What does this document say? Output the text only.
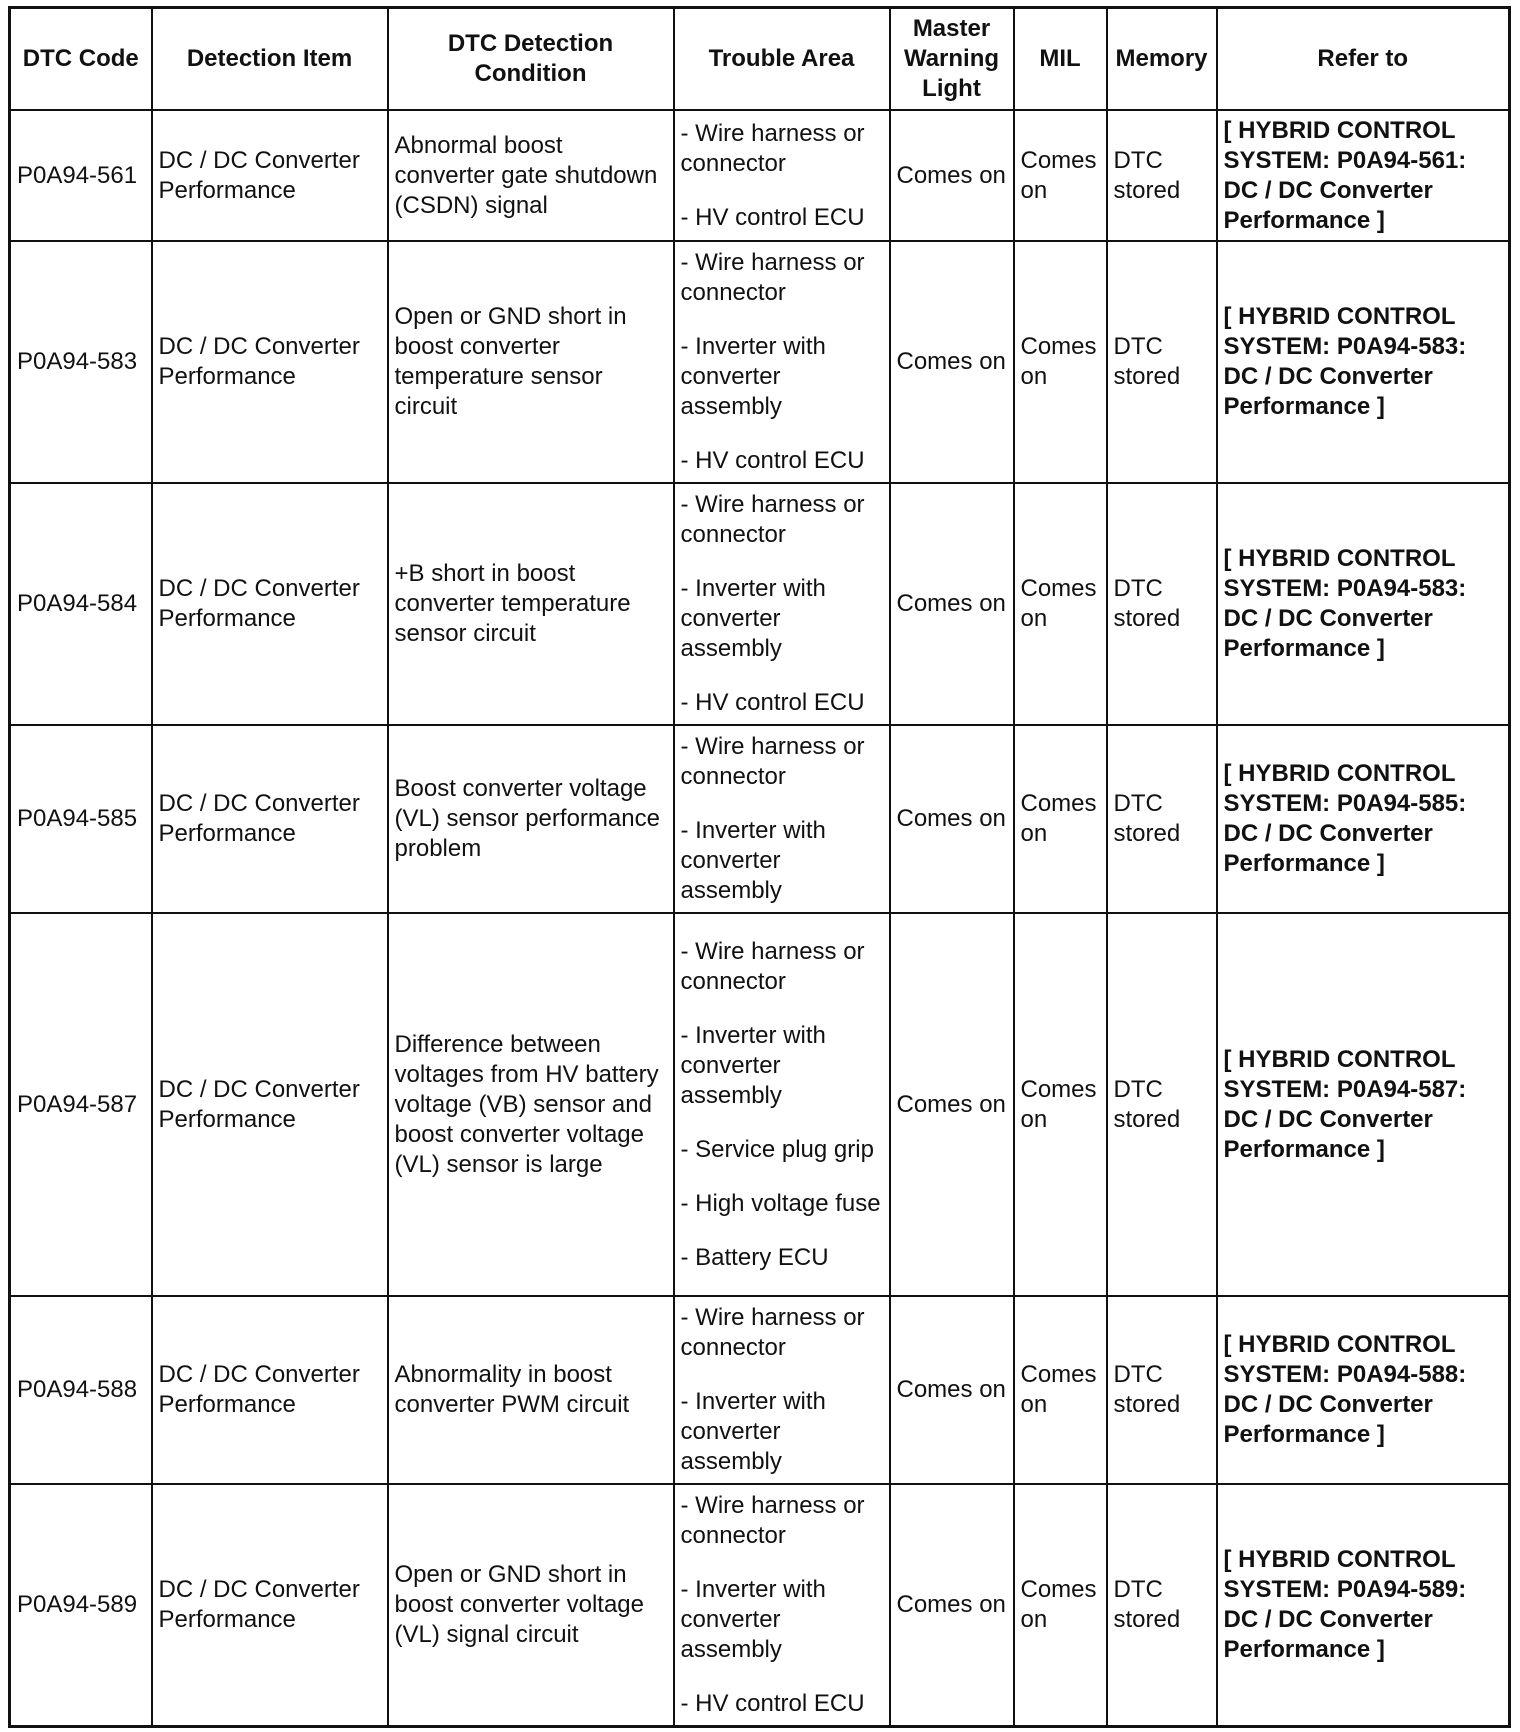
DTC Code	Detection Item	DTC Detection Condition	Trouble Area	Master Warning Light	MIL	Memory	Refer to
P0A94-561	DC / DC Converter Performance	Abnormal boost converter gate shutdown (CSDN) signal	- Wire harness or connector
- HV control ECU	Comes on	Comes on	DTC stored	[ HYBRID CONTROL SYSTEM: P0A94-561: DC / DC Converter Performance ]
P0A94-583	DC / DC Converter Performance	Open or GND short in boost converter temperature sensor circuit	- Wire harness or connector
- Inverter with converter assembly
- HV control ECU	Comes on	Comes on	DTC stored	[ HYBRID CONTROL SYSTEM: P0A94-583: DC / DC Converter Performance ]
P0A94-584	DC / DC Converter Performance	+B short in boost converter temperature sensor circuit	- Wire harness or connector
- Inverter with converter assembly
- HV control ECU	Comes on	Comes on	DTC stored	[ HYBRID CONTROL SYSTEM: P0A94-583: DC / DC Converter Performance ]
P0A94-585	DC / DC Converter Performance	Boost converter voltage (VL) sensor performance problem	- Wire harness or connector
- Inverter with converter assembly	Comes on	Comes on	DTC stored	[ HYBRID CONTROL SYSTEM: P0A94-585: DC / DC Converter Performance ]
P0A94-587	DC / DC Converter Performance	Difference between voltages from HV battery voltage (VB) sensor and boost converter voltage (VL) sensor is large	- Wire harness or connector
- Inverter with converter assembly
- Service plug grip
- High voltage fuse
- Battery ECU	Comes on	Comes on	DTC stored	[ HYBRID CONTROL SYSTEM: P0A94-587: DC / DC Converter Performance ]
P0A94-588	DC / DC Converter Performance	Abnormality in boost converter PWM circuit	- Wire harness or connector
- Inverter with converter assembly	Comes on	Comes on	DTC stored	[ HYBRID CONTROL SYSTEM: P0A94-588: DC / DC Converter Performance ]
P0A94-589	DC / DC Converter Performance	Open or GND short in boost converter voltage (VL) signal circuit	- Wire harness or connector
- Inverter with converter assembly
- HV control ECU	Comes on	Comes on	DTC stored	[ HYBRID CONTROL SYSTEM: P0A94-589: DC / DC Converter Performance ]
